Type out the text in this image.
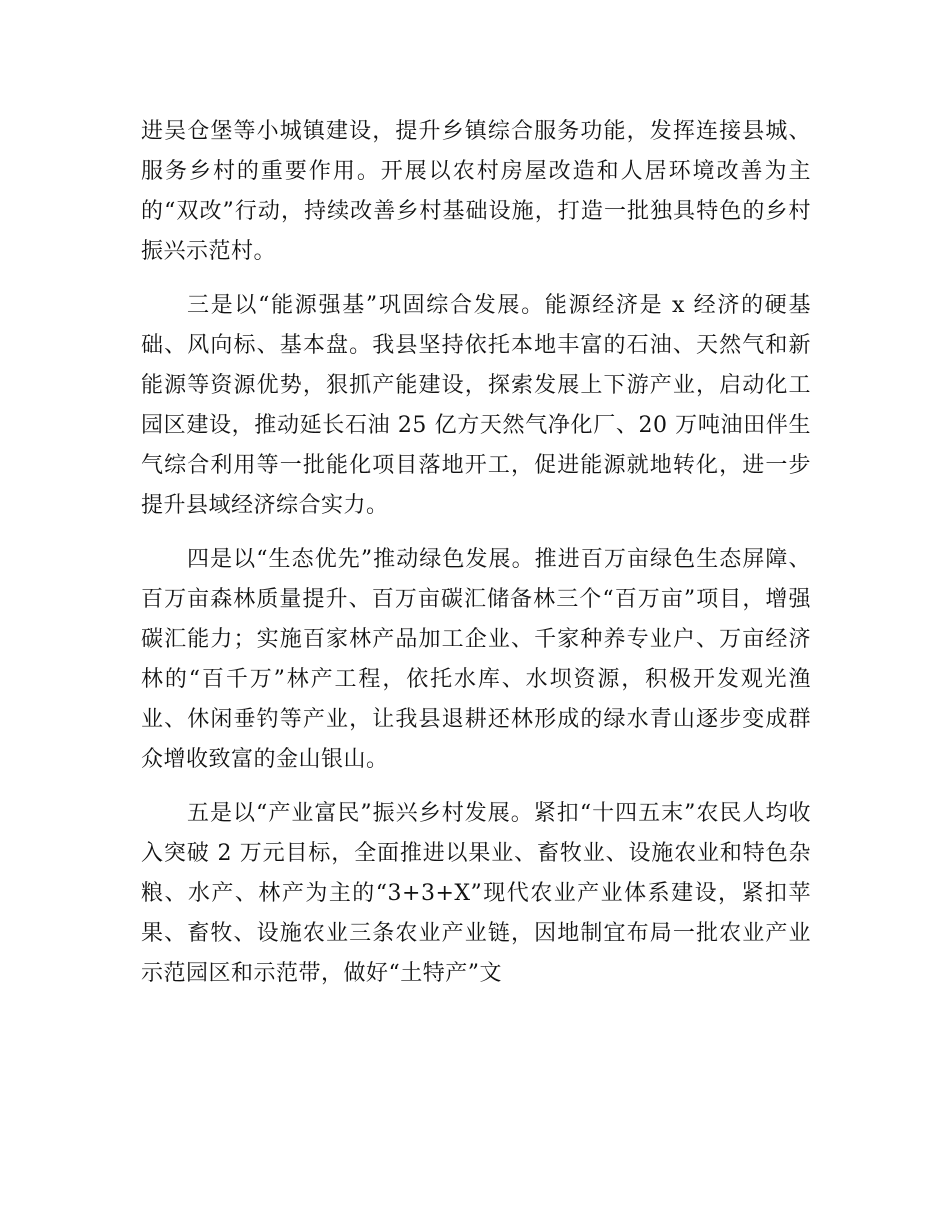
进吴仓堡等小城镇建设，提升乡镇综合服务功能，发挥连接县城、服务乡村的重要作用。开展以农村房屋改造和人居环境改善为主的“双改”行动，持续改善乡村基础设施，打造一批独具特色的乡村振兴示范村。

三是以“能源强基”巩固综合发展。能源经济是 x 经济的硬基础、风向标、基本盘。我县坚持依托本地丰富的石油、天然气和新能源等资源优势，狠抓产能建设，探索发展上下游产业，启动化工园区建设，推动延长石油 25 亿方天然气净化厂、20 万吨油田伴生气综合利用等一批能化项目落地开工，促进能源就地转化，进一步提升县域经济综合实力。

四是以“生态优先”推动绿色发展。推进百万亩绿色生态屏障、百万亩森林质量提升、百万亩碳汇储备林三个“百万亩”项目，增强碳汇能力；实施百家林产品加工企业、千家种养专业户、万亩经济林的“百千万”林产工程，依托水库、水坝资源，积极开发观光渔业、休闲垂钓等产业，让我县退耕还林形成的绿水青山逐步变成群众增收致富的金山银山。

五是以“产业富民”振兴乡村发展。紧扣“十四五末”农民人均收入突破 2 万元目标，全面推进以果业、畜牧业、设施农业和特色杂粮、水产、林产为主的“3+3+X”现代农业产业体系建设，紧扣苹果、畜牧、设施农业三条农业产业链，因地制宜布局一批农业产业示范园区和示范带，做好“土特产”文
